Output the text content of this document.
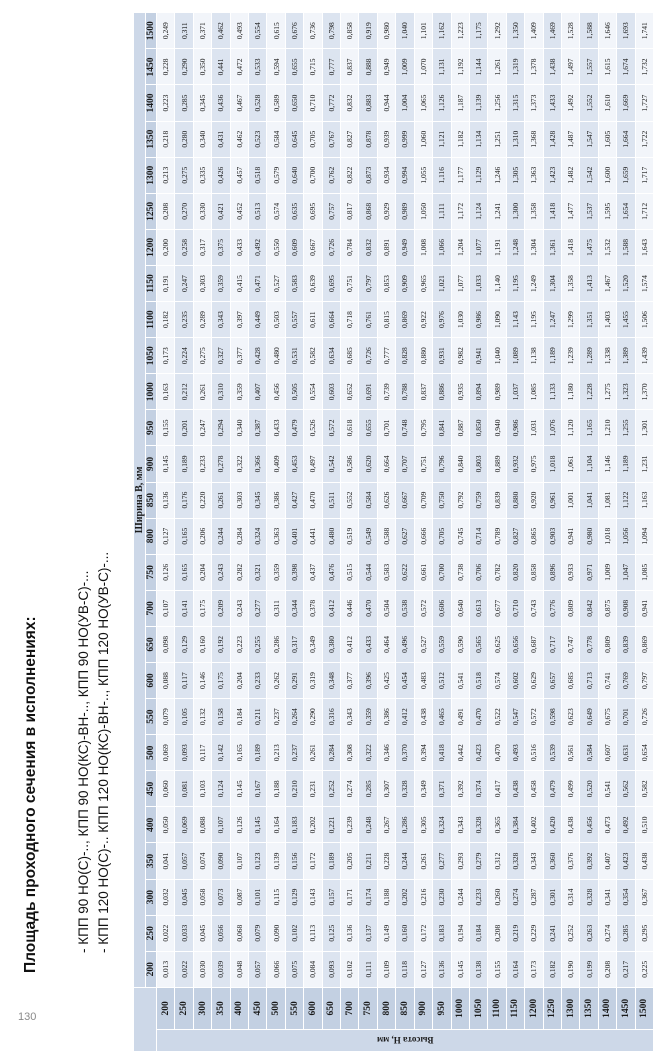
130
Площадь проходного сечения в исполнениях:	- КПП 90 НО(С)-.., КПП 90 НО(КС)-ВН-.., КПП 90 НО(УВ-С)-... - КПП 120 НО(С)-.. КПП 120 НО(КС)-ВН-.., КПП 120 НО(УВ-С)-...
		Ширина В, мм																										
		200	250	300	350	400	450	500	550	600	650	700	750	800	850	900	950	1000	1050	1100	1150	1200	1250	1300	1350	1400	1450	1500

Высота Н, мм	200	0,013	0,022	0,032	0,041	0,050	0,060	0,069	0,079	0,088	0,098	0,107	0,126	0,127	0,136	0,145	0,155	0,163	0,173	0,182	0,191	0,200	0,208	0,213	0,218	0,223	0,228	0,249
	250	0,022	0,033	0,045	0,057	0,069	0,081	0,093	0,105	0,117	0,129	0,141	0,165	0,165	0,176	0,189	0,201	0,212	0,224	0,235	0,247	0,258	0,270	0,275	0,280	0,285	0,290	0,311
	300	0,030	0,045	0,058	0,074	0,088	0,103	0,117	0,132	0,146	0,160	0,175	0,204	0,206	0,220	0,233	0,247	0,261	0,275	0,289	0,303	0,317	0,330	0,335	0,340	0,345	0,350	0,371
	350	0,039	0,056	0,073	0,090	0,107	0,124	0,142	0,158	0,175	0,192	0,209	0,243	0,244	0,261	0,278	0,294	0,310	0,327	0,343	0,359	0,375	0,421	0,426	0,431	0,436	0,441	0,462
	400	0,048	0,068	0,087	0,107	0,126	0,145	0,165	0,184	0,204	0,223	0,243	0,282	0,284	0,303	0,322	0,340	0,359	0,377	0,397	0,415	0,433	0,452	0,457	0,462	0,467	0,472	0,493
	450	0,057	0,079	0,101	0,123	0,145	0,167	0,189	0,211	0,233	0,255	0,277	0,321	0,324	0,345	0,366	0,387	0,407	0,428	0,449	0,471	0,492	0,513	0,518	0,523	0,528	0,533	0,554
	500	0,066	0,090	0,115	0,139	0,164	0,188	0,213	0,237	0,262	0,286	0,311	0,359	0,363	0,386	0,409	0,433	0,456	0,480	0,503	0,527	0,550	0,574	0,579	0,584	0,589	0,594	0,615
	550	0,075	0,102	0,129	0,156	0,183	0,210	0,237	0,264	0,291	0,317	0,344	0,398	0,401	0,427	0,453	0,479	0,505	0,531	0,557	0,583	0,609	0,635	0,640	0,645	0,650	0,655	0,676
	600	0,084	0,113	0,143	0,172	0,202	0,231	0,261	0,290	0,319	0,349	0,378	0,437	0,441	0,470	0,497	0,526	0,554	0,582	0,611	0,639	0,667	0,695	0,700	0,705	0,710	0,715	0,736
	650	0,093	0,125	0,157	0,189	0,221	0,252	0,284	0,316	0,348	0,380	0,412	0,476	0,480	0,511	0,542	0,572	0,603	0,634	0,664	0,695	0,726	0,757	0,762	0,767	0,772	0,777	0,798
	700	0,102	0,136	0,171	0,205	0,239	0,274	0,308	0,343	0,377	0,412	0,446	0,515	0,519	0,552	0,586	0,618	0,652	0,685	0,718	0,751	0,784	0,817	0,822	0,827	0,832	0,837	0,858
	750	0,111	0,137	0,174	0,211	0,248	0,285	0,322	0,359	0,396	0,433	0,470	0,544	0,549	0,584	0,620	0,655	0,691	0,726	0,761	0,797	0,832	0,868	0,873	0,878	0,883	0,888	0,919
	800	0,109	0,149	0,188	0,228	0,267	0,307	0,346	0,386	0,425	0,464	0,504	0,583	0,588	0,626	0,664	0,701	0,739	0,777	0,815	0,853	0,891	0,929	0,934	0,939	0,944	0,949	0,980
	850	0,118	0,160	0,202	0,244	0,286	0,328	0,370	0,412	0,454	0,496	0,538	0,622	0,627	0,667	0,707	0,748	0,788	0,828	0,869	0,909	0,949	0,989	0,994	0,999	1,004	1,009	1,040
	900	0,127	0,172	0,216	0,261	0,305	0,349	0,394	0,438	0,483	0,527	0,572	0,661	0,666	0,709	0,751	0,795	0,837	0,880	0,922	0,965	1,008	1,050	1,055	1,060	1,065	1,070	1,101
	950	0,136	0,183	0,230	0,277	0,324	0,371	0,418	0,465	0,512	0,559	0,606	0,700	0,705	0,750	0,796	0,841	0,886	0,931	0,976	1,021	1,066	1,111	1,116	1,121	1,126	1,131	1,162
	1000	0,145	0,194	0,244	0,293	0,343	0,392	0,442	0,491	0,541	0,590	0,640	0,738	0,745	0,792	0,840	0,887	0,935	0,982	1,030	1,077	1,204	1,172	1,177	1,182	1,187	1,192	1,223
	1050	0,138	0,184	0,233	0,279	0,328	0,374	0,423	0,470	0,518	0,565	0,613	0,706	0,714	0,759	0,803	0,850	0,894	0,941	0,986	1,033	1,077	1,124	1,129	1,134	1,139	1,144	1,175
	1100	0,155	0,208	0,260	0,312	0,365	0,417	0,470	0,522	0,574	0,625	0,677	0,782	0,789	0,839	0,889	0,940	0,989	1,040	1,090	1,140	1,191	1,241	1,246	1,251	1,256	1,261	1,292
	1150	0,164	0,219	0,274	0,328	0,384	0,438	0,493	0,547	0,602	0,656	0,710	0,820	0,827	0,880	0,932	0,986	1,037	1,089	1,143	1,195	1,248	1,300	1,305	1,310	1,315	1,319	1,350
	1200	0,173	0,229	0,287	0,343	0,402	0,458	0,516	0,572	0,629	0,687	0,743	0,858	0,865	0,920	0,975	1,031	1,085	1,138	1,195	1,249	1,304	1,358	1,363	1,368	1,373	1,378	1,409
	1250	0,182	0,241	0,301	0,360	0,420	0,479	0,539	0,598	0,657	0,717	0,776	0,896	0,903	0,961	1,018	1,076	1,133	1,189	1,247	1,304	1,361	1,418	1,423	1,428	1,433	1,438	1,469
	1300	0,190	0,252	0,314	0,376	0,438	0,499	0,561	0,623	0,685	0,747	0,809	0,933	0,941	1,001	1,061	1,120	1,180	1,239	1,299	1,358	1,418	1,477	1,482	1,487	1,492	1,497	1,528
	1350	0,199	0,263	0,328	0,392	0,456	0,520	0,584	0,649	0,713	0,778	0,842	0,971	0,980	1,041	1,104	1,165	1,228	1,289	1,351	1,413	1,475	1,537	1,542	1,547	1,552	1,557	1,588
	1400	0,208	0,274	0,341	0,407	0,473	0,541	0,607	0,675	0,741	0,809	0,875	1,009	1,018	1,081	1,146	1,210	1,275	1,338	1,403	1,467	1,532	1,595	1,600	1,605	1,610	1,615	1,646
	1450	0,217	0,285	0,354	0,423	0,492	0,562	0,631	0,701	0,769	0,839	0,908	1,047	1,056	1,122	1,189	1,255	1,323	1,389	1,455	1,520	1,588	1,654	1,659	1,664	1,669	1,674	1,693
	1500	0,225	0,295	0,367	0,438	0,510	0,582	0,654	0,726	0,797	0,869	0,941	1,085	1,094	1,163	1,231	1,301	1,370	1,439	1,506	1,574	1,643	1,712	1,717	1,722	1,727	1,732	1,741
